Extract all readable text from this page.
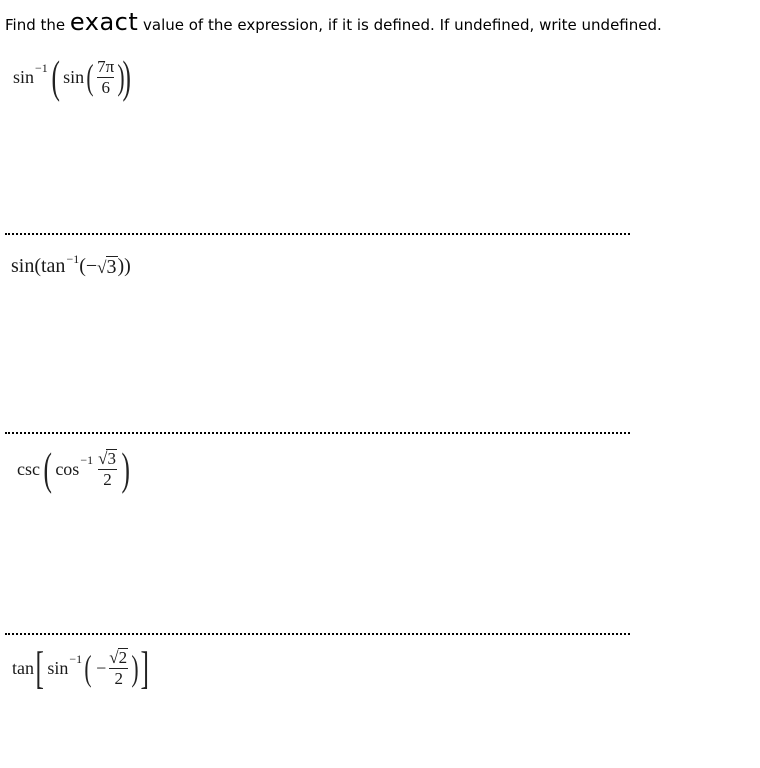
Find the exact value of the expression, if it is defined. If undefined, write undefined.
sin −1 ( sin ( $\frac{7\pi}{6}$ )
)
sin(tan −1 (− √ 3 ))
csc ( $\cos -1 \frac{√ 3}{2}$ )
tan [ sin −1 ( − $\frac{√ 2}{2}$ ) ]
